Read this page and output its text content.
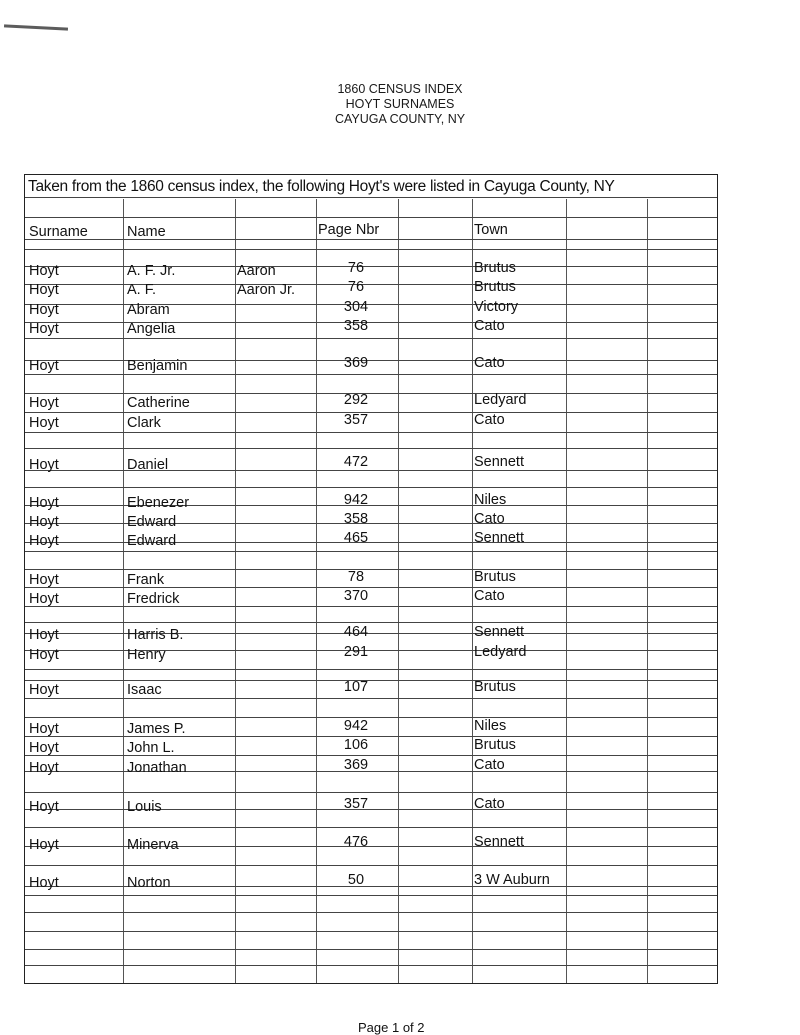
1860 CENSUS INDEX
HOYT SURNAMES
CAYUGA COUNTY, NY
Taken from the 1860 census index, the following Hoyt's were listed in Cayuga County, NY
Surname	Name	Page Nbr	Town
Hoyt	A. F. Jr.	Aaron	76	Brutus
Hoyt	A. F.	Aaron Jr.	76	Brutus
Hoyt	Abram	304	Victory
Hoyt	Angelia	358	Cato
Hoyt	Benjamin	369	Cato
Hoyt	Catherine	292	Ledyard
Hoyt	Clark	357	Cato
Hoyt	Daniel	472	Sennett
Hoyt	Ebenezer	942	Niles
Hoyt	Edward	358	Cato
Hoyt	Edward	465	Sennett
Hoyt	Frank	78	Brutus
Hoyt	Fredrick	370	Cato
Hoyt	Harris B.	464	Sennett
Hoyt	Henry	291	Ledyard
Hoyt	Isaac	107	Brutus
Hoyt	James P.	942	Niles
Hoyt	John L.	106	Brutus
Hoyt	Jonathan	369	Cato
Hoyt	Louis	357	Cato
Hoyt	Minerva	476	Sennett
Hoyt	Norton	50	3 W Auburn
Page 1 of 2
